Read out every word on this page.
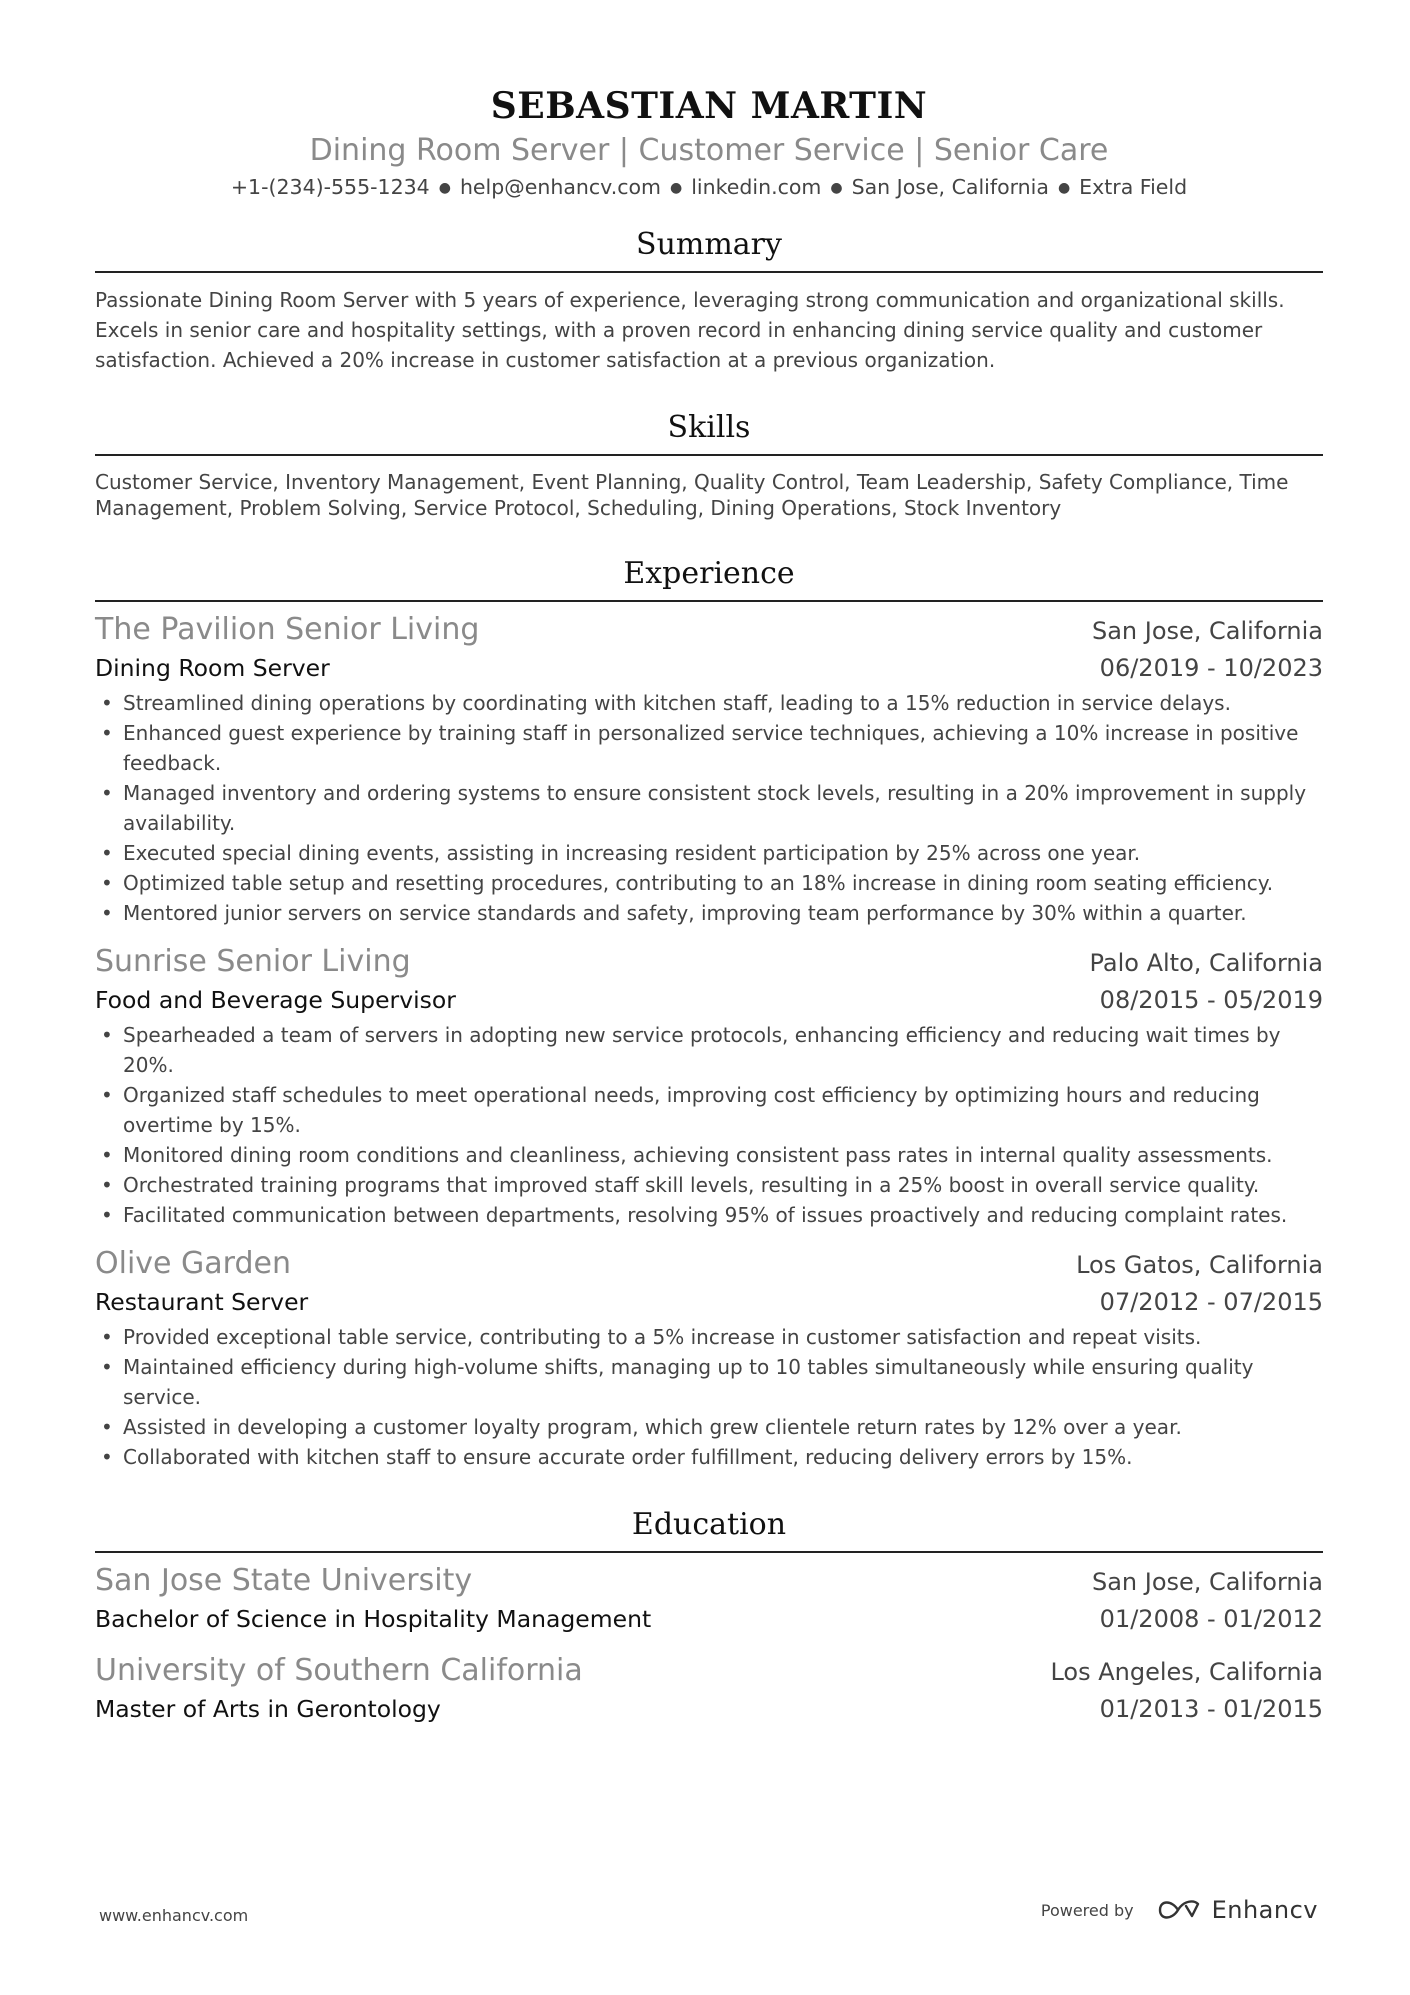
SEBASTIAN MARTIN
Dining Room Server | Customer Service | Senior Care
+1-(234)-555-1234 ● help@enhancv.com ● linkedin.com ● San Jose, California ● Extra Field
Summary
Passionate Dining Room Server with 5 years of experience, leveraging strong communication and organizational skills. Excels in senior care and hospitality settings, with a proven record in enhancing dining service quality and customer satisfaction. Achieved a 20% increase in customer satisfaction at a previous organization.
Skills
Customer Service, Inventory Management, Event Planning, Quality Control, Team Leadership, Safety Compliance, Time Management, Problem Solving, Service Protocol, Scheduling, Dining Operations, Stock Inventory
Experience
The Pavilion Senior Living	San Jose, California
Dining Room Server	06/2019 - 10/2023
• Streamlined dining operations by coordinating with kitchen staff, leading to a 15% reduction in service delays.
• Enhanced guest experience by training staff in personalized service techniques, achieving a 10% increase in positive feedback.
• Managed inventory and ordering systems to ensure consistent stock levels, resulting in a 20% improvement in supply availability.
• Executed special dining events, assisting in increasing resident participation by 25% across one year.
• Optimized table setup and resetting procedures, contributing to an 18% increase in dining room seating efficiency.
• Mentored junior servers on service standards and safety, improving team performance by 30% within a quarter.
Sunrise Senior Living	Palo Alto, California
Food and Beverage Supervisor	08/2015 - 05/2019
• Spearheaded a team of servers in adopting new service protocols, enhancing efficiency and reducing wait times by 20%.
• Organized staff schedules to meet operational needs, improving cost efficiency by optimizing hours and reducing overtime by 15%.
• Monitored dining room conditions and cleanliness, achieving consistent pass rates in internal quality assessments.
• Orchestrated training programs that improved staff skill levels, resulting in a 25% boost in overall service quality.
• Facilitated communication between departments, resolving 95% of issues proactively and reducing complaint rates.
Olive Garden	Los Gatos, California
Restaurant Server	07/2012 - 07/2015
• Provided exceptional table service, contributing to a 5% increase in customer satisfaction and repeat visits.
• Maintained efficiency during high-volume shifts, managing up to 10 tables simultaneously while ensuring quality service.
• Assisted in developing a customer loyalty program, which grew clientele return rates by 12% over a year.
• Collaborated with kitchen staff to ensure accurate order fulfillment, reducing delivery errors by 15%.
Education
San Jose State University	San Jose, California
Bachelor of Science in Hospitality Management	01/2008 - 01/2012
University of Southern California	Los Angeles, California
Master of Arts in Gerontology	01/2013 - 01/2015
www.enhancv.com	Powered by	Enhancv
